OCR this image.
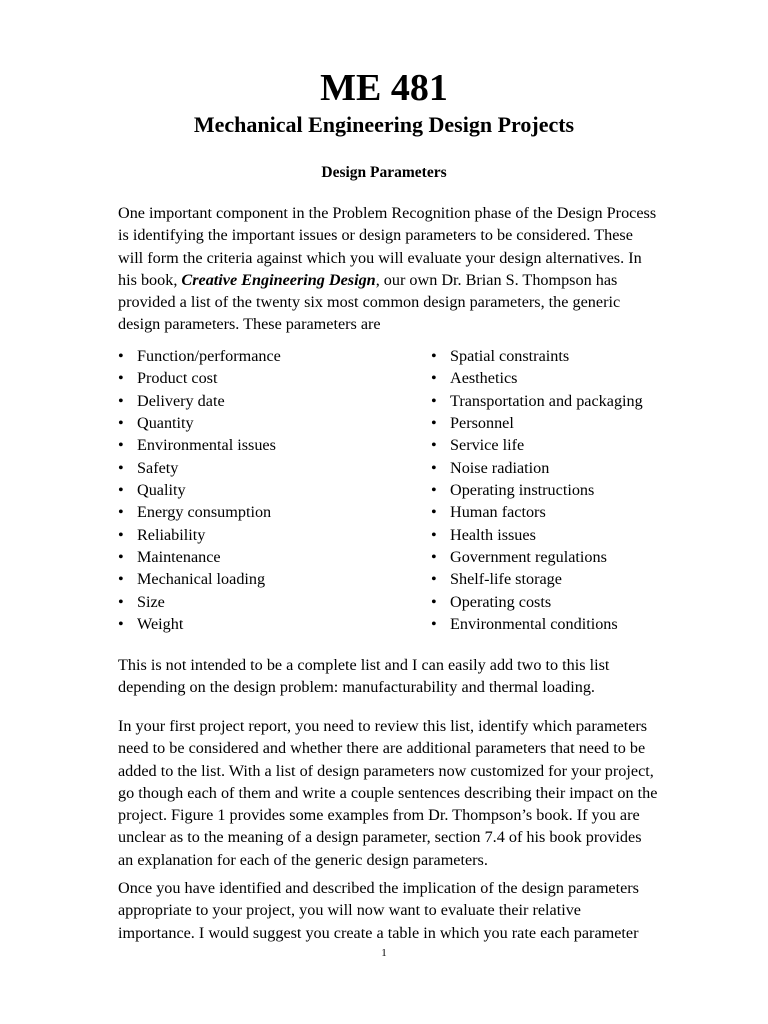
ME 481
Mechanical Engineering Design Projects
Design Parameters
One important component in the Problem Recognition phase of the Design Process
is identifying the important issues or design parameters to be considered. These
will form the criteria against which you will evaluate your design alternatives. In
his book, Creative Engineering Design, our own Dr. Brian S. Thompson has
provided a list of the twenty six most common design parameters, the generic
design parameters. These parameters are
• Function/performance
• Product cost
• Delivery date
• Quantity
• Environmental issues
• Safety
• Quality
• Energy consumption
• Reliability
• Maintenance
• Mechanical loading
• Size
• Weight
• Spatial constraints
• Aesthetics
• Transportation and packaging
• Personnel
• Service life
• Noise radiation
• Operating instructions
• Human factors
• Health issues
• Government regulations
• Shelf-life storage
• Operating costs
• Environmental conditions
This is not intended to be a complete list and I can easily add two to this list
depending on the design problem: manufacturability and thermal loading.
In your first project report, you need to review this list, identify which parameters
need to be considered and whether there are additional parameters that need to be
added to the list. With a list of design parameters now customized for your project,
go though each of them and write a couple sentences describing their impact on the
project. Figure 1 provides some examples from Dr. Thompson’s book. If you are
unclear as to the meaning of a design parameter, section 7.4 of his book provides
an explanation for each of the generic design parameters.
Once you have identified and described the implication of the design parameters
appropriate to your project, you will now want to evaluate their relative
importance. I would suggest you create a table in which you rate each parameter
1
